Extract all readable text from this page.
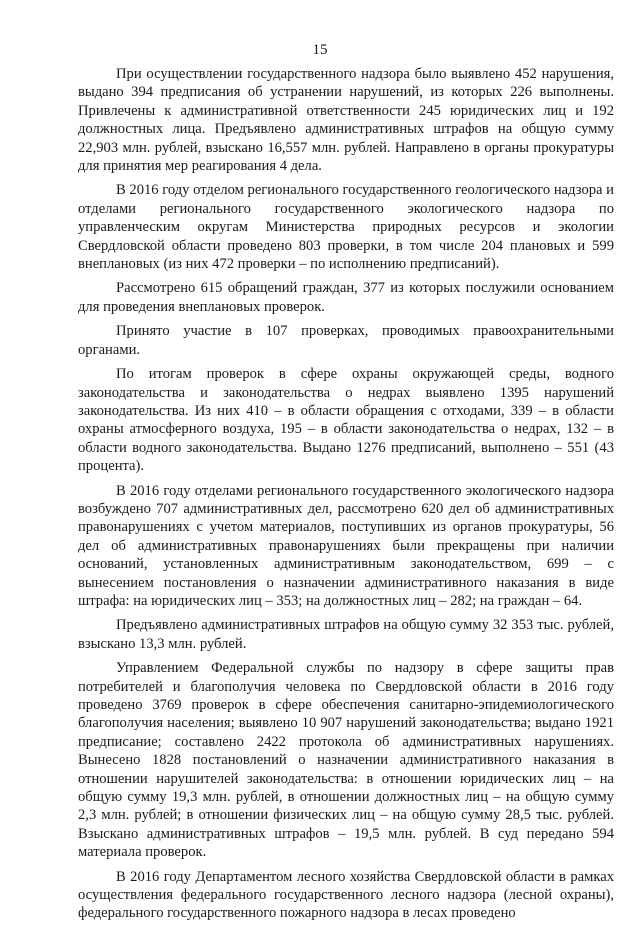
15

При осуществлении государственного надзора было выявлено 452 нарушения, выдано 394 предписания об устранении нарушений, из которых 226 выполнены. Привлечены к административной ответственности 245 юридических лиц и 192 должностных лица. Предъявлено административных штрафов на общую сумму 22,903 млн. рублей, взыскано 16,557 млн. рублей. Направлено в органы прокуратуры для принятия мер реагирования 4 дела.

В 2016 году отделом регионального государственного геологического надзора и отделами регионального государственного экологического надзора по управленческим округам Министерства природных ресурсов и экологии Свердловской области проведено 803 проверки, в том числе 204 плановых и 599 внеплановых (из них 472 проверки – по исполнению предписаний).

Рассмотрено 615 обращений граждан, 377 из которых послужили основанием для проведения внеплановых проверок.

Принято участие в 107 проверках, проводимых правоохранительными органами.

По итогам проверок в сфере охраны окружающей среды, водного законодательства и законодательства о недрах выявлено 1395 нарушений законодательства. Из них 410 – в области обращения с отходами, 339 – в области охраны атмосферного воздуха, 195 – в области законодательства о недрах, 132 – в области водного законодательства. Выдано 1276 предписаний, выполнено – 551 (43 процента).

В 2016 году отделами регионального государственного экологического надзора возбуждено 707 административных дел, рассмотрено 620 дел об административных правонарушениях с учетом материалов, поступивших из органов прокуратуры, 56 дел об административных правонарушениях были прекращены при наличии оснований, установленных административным законодательством, 699 – с вынесением постановления о назначении административного наказания в виде штрафа: на юридических лиц – 353; на должностных лиц – 282; на граждан – 64.

Предъявлено административных штрафов на общую сумму 32 353 тыс. рублей, взыскано 13,3 млн. рублей.

Управлением Федеральной службы по надзору в сфере защиты прав потребителей и благополучия человека по Свердловской области в 2016 году проведено 3769 проверок в сфере обеспечения санитарно-эпидемиологического благополучия населения; выявлено 10 907 нарушений законодательства; выдано 1921 предписание; составлено 2422 протокола об административных нарушениях. Вынесено 1828 постановлений о назначении административного наказания в отношении нарушителей законодательства: в отношении юридических лиц – на общую сумму 19,3 млн. рублей, в отношении должностных лиц – на общую сумму 2,3 млн. рублей; в отношении физических лиц – на общую сумму 28,5 тыс. рублей. Взыскано административных штрафов – 19,5 млн. рублей. В суд передано 594 материала проверок.

В 2016 году Департаментом лесного хозяйства Свердловской области в рамках осуществления федерального государственного лесного надзора (лесной охраны), федерального государственного пожарного надзора в лесах проведено
